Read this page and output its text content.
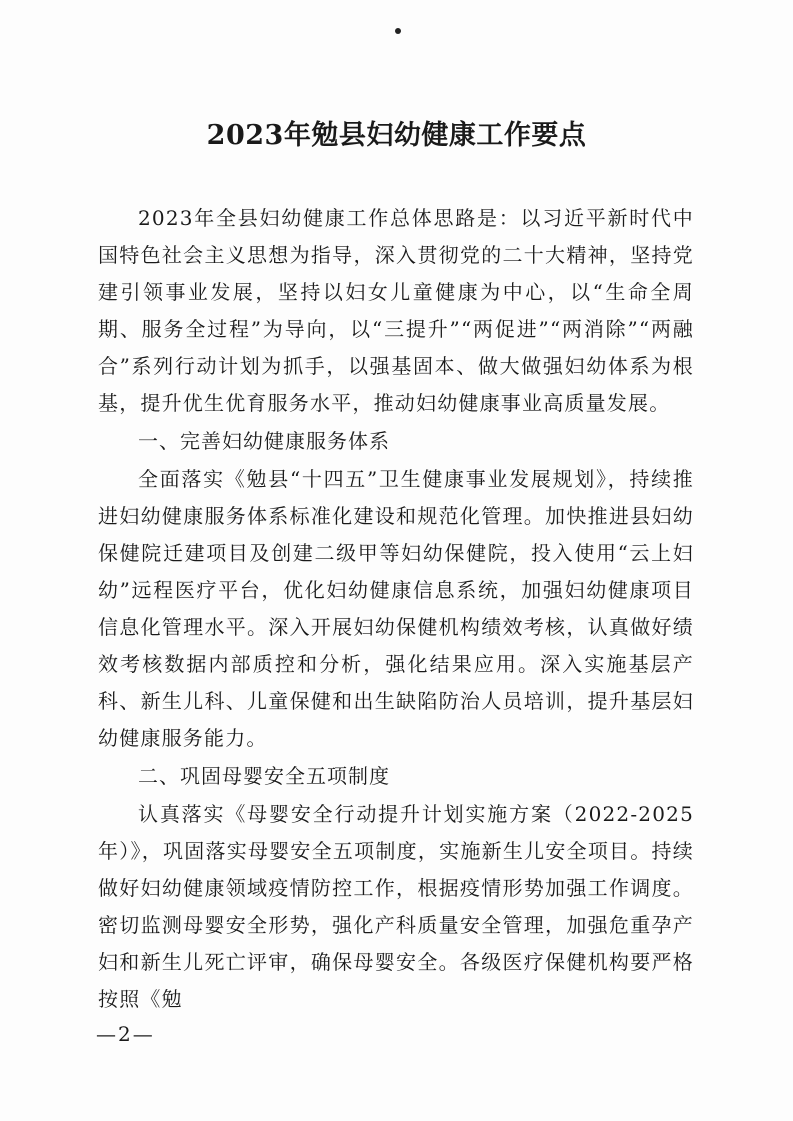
2023年勉县妇幼健康工作要点

2023年全县妇幼健康工作总体思路是：以习近平新时代中国特色社会主义思想为指导，深入贯彻党的二十大精神，坚持党建引领事业发展，坚持以妇女儿童健康为中心，以“生命全周期、服务全过程”为导向，以“三提升”“两促进”“两消除”“两融合”系列行动计划为抓手，以强基固本、做大做强妇幼体系为根基，提升优生优育服务水平，推动妇幼健康事业高质量发展。

一、完善妇幼健康服务体系

全面落实《勉县“十四五”卫生健康事业发展规划》，持续推进妇幼健康服务体系标准化建设和规范化管理。加快推进县妇幼保健院迁建项目及创建二级甲等妇幼保健院，投入使用“云上妇幼”远程医疗平台，优化妇幼健康信息系统，加强妇幼健康项目信息化管理水平。深入开展妇幼保健机构绩效考核，认真做好绩效考核数据内部质控和分析，强化结果应用。深入实施基层产科、新生儿科、儿童保健和出生缺陷防治人员培训，提升基层妇幼健康服务能力。

二、巩固母婴安全五项制度

认真落实《母婴安全行动提升计划实施方案（2022-2025年）》，巩固落实母婴安全五项制度，实施新生儿安全项目。持续做好妇幼健康领域疫情防控工作，根据疫情形势加强工作调度。密切监测母婴安全形势，强化产科质量安全管理，加强危重孕产妇和新生儿死亡评审，确保母婴安全。各级医疗保健机构要严格按照《勉

—2—
